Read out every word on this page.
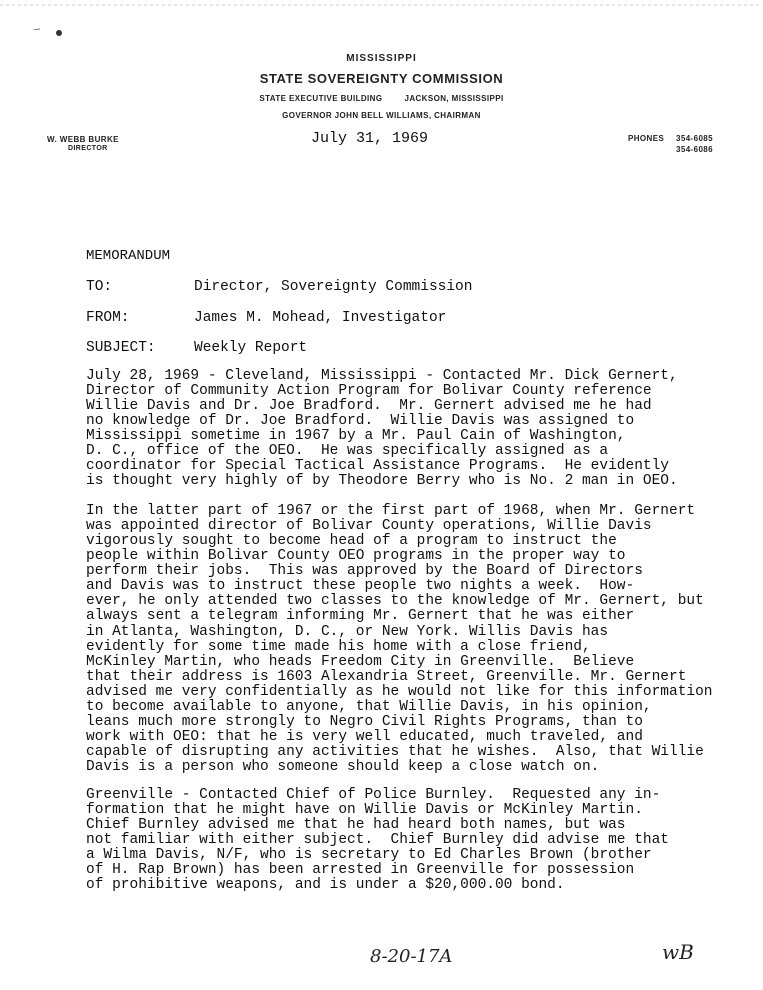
MISSISSIPPI
STATE SOVEREIGNTY COMMISSION
STATE EXECUTIVE BUILDING	JACKSON, MISSISSIPPI
GOVERNOR JOHN BELL WILLIAMS, CHAIRMAN
W. WEBB BURKE
DIRECTOR
PHONES 354-6085
354-6086
July 31, 1969
MEMORANDUM
TO:	Director, Sovereignty Commission
FROM:	James M. Mohead, Investigator
SUBJECT:	Weekly Report
July 28, 1969 - Cleveland, Mississippi - Contacted Mr. Dick Gernert,
Director of Community Action Program for Bolivar County reference
Willie Davis and Dr. Joe Bradford.  Mr. Gernert advised me he had
no knowledge of Dr. Joe Bradford.  Willie Davis was assigned to
Mississippi sometime in 1967 by a Mr. Paul Cain of Washington,
D. C., office of the OEO.  He was specifically assigned as a
coordinator for Special Tactical Assistance Programs.  He evidently
is thought very highly of by Theodore Berry who is No. 2 man in OEO.
In the latter part of 1967 or the first part of 1968, when Mr. Gernert
was appointed director of Bolivar County operations, Willie Davis
vigorously sought to become head of a program to instruct the
people within Bolivar County OEO programs in the proper way to
perform their jobs.  This was approved by the Board of Directors
and Davis was to instruct these people two nights a week.  How-
ever, he only attended two classes to the knowledge of Mr. Gernert, but
always sent a telegram informing Mr. Gernert that he was either
in Atlanta, Washington, D. C., or New York. Willis Davis has
evidently for some time made his home with a close friend,
McKinley Martin, who heads Freedom City in Greenville.  Believe
that their address is 1603 Alexandria Street, Greenville. Mr. Gernert
advised me very confidentially as he would not like for this information
to become available to anyone, that Willie Davis, in his opinion,
leans much more strongly to Negro Civil Rights Programs, than to
work with OEO: that he is very well educated, much traveled, and
capable of disrupting any activities that he wishes.  Also, that Willie
Davis is a person who someone should keep a close watch on.
Greenville - Contacted Chief of Police Burnley.  Requested any in-
formation that he might have on Willie Davis or McKinley Martin.
Chief Burnley advised me that he had heard both names, but was
not familiar with either subject.  Chief Burnley did advise me that
a Wilma Davis, N/F, who is secretary to Ed Charles Brown (brother
of H. Rap Brown) has been arrested in Greenville for possession
of prohibitive weapons, and is under a $20,000.00 bond.
8-20-17A	wB
